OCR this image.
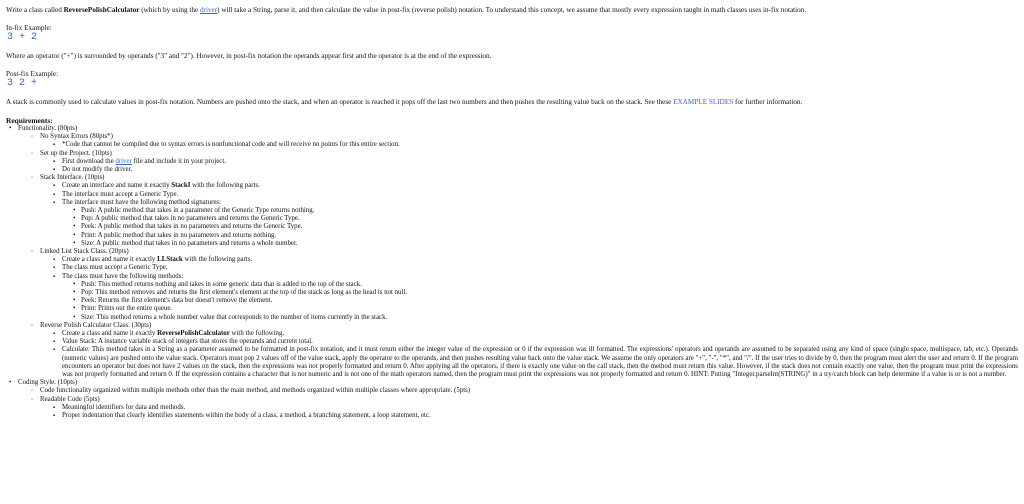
Write a class called ReversePolishCalculator (which by using the driver) will take a String, parse it, and then calculate the value in post-fix (reverse polish) notation. To understand this concept, we assume that mostly every expression taught in math classes uses in-fix notation.

In-fix Example:

3 + 2

Where an operator ("+") is surrounded by operands ("3" and "2"). However, in post-fix notation the operands appear first and the operator is at the end of the expression.

Post-fix Example:

3 2 +

A stack is commonly used to calculate values in post-fix notation. Numbers are pushed onto the stack, and when an operator is reached it pops off the last two numbers and then pushes the resulting value back on the stack. See these EXAMPLE SLIDES for further information.

Requirements:

• Functionality. (80pts)
◦ No Syntax Errors (80pts*)
▪ *Code that cannot be compiled due to syntax errors is nonfunctional code and will receive no points for this entire section.
◦ Set up the Project. (10pts)
▪ First download the driver file and include it in your project.
▪ Do not modify the driver.
◦ Stack Interface. (10pts)
▪ Create an interface and name it exactly StackI with the following parts.
▪ The interface must accept a Generic Type.
▪ The interface must have the following method signatures:
• Push: A public method that takes in a parameter of the Generic Type returns nothing.
• Pop: A public method that takes in no parameters and returns the Generic Type.
• Peek: A public method that takes in no parameters and returns the Generic Type.
• Print: A public method that takes in no parameters and returns nothing.
• Size: A public method that takes in no parameters and returns a whole number.
◦ Linked List Stack Class. (20pts)
▪ Create a class and name it exactly LLStack with the following parts.
▪ The class must accept a Generic Type.
▪ The class must have the following methods:
• Push: This method returns nothing and takes in some generic data that is added to the top of the stack.
• Pop: This method removes and returns the first element's element at the top of the stack as long as the head is not null.
• Peek: Returns the first element's data but doesn't remove the element.
• Print: Prints out the entire queue.
• Size: This method returns a whole number value that corresponds to the number of items currently in the stack.
◦ Reverse Polish Calculator Class. (30pts)
▪ Create a class and name it exactly ReversePolishCalculator with the following.
▪ Value Stack: A instance variable stack of integers that stores the operands and current total.
▪ Calculate: This method takes in a String as a parameter assumed to be formatted in post-fix notation, and it must return either the integer value of the expression or 0 if the expression was ill formatted. The expressions' operators and operands are assumed to be separated using any kind of space (single space, multispace, tab, etc.). Operands (numeric values) are pushed onto the value stack. Operators must pop 2 values off of the value stack, apply the operator to the operands, and then pushes resulting value back onto the value stack. We assume the only operators are "+", "-", "*", and "/". If the user tries to divide by 0, then the program must alert the user and return 0. If the program encounters an operator but does not have 2 values on the stack, then the expressions was not properly formatted and return 0. After applying all the operators, if there is exactly one value on the call stack, then the method must return this value. However, if the stack does not contain exactly one value, then the program must print the expressions was not properly formatted and return 0. If the expression contains a character that is not numeric and is not one of the math operators named, then the program must print the expressions was not properly formatted and return 0. HINT: Putting "Integer.parseInt(STRING)" in a try/catch block can help determine if a value is or is not a number.
• Coding Style. (10pts)
◦ Code functionality organized within multiple methods other than the main method, and methods organized within multiple classes where appropriate. (5pts)
◦ Readable Code (5pts)
▪ Meaningful identifiers for data and methods.
▪ Proper indentation that clearly identifies statements within the body of a class, a method, a branching statement, a loop statement, etc.
